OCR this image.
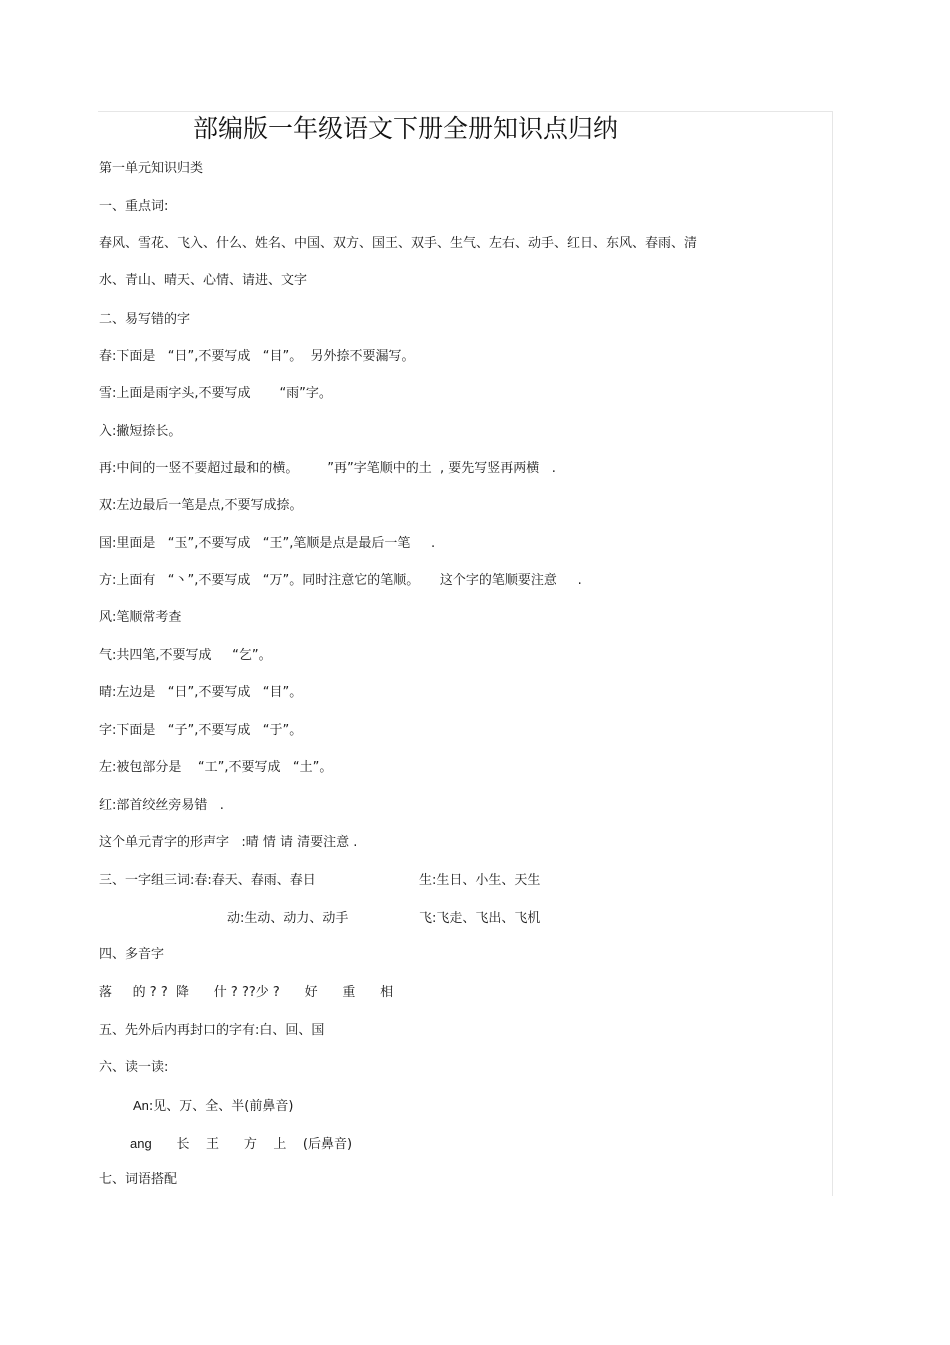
部编版一年级语文下册全册知识点归纳
第一单元知识归类
一、重点词:
春风、雪花、飞入、什么、姓名、中国、双方、国王、双手、生气、左右、动手、红日、东风、春雨、清
水、青山、晴天、心情、请进、文字
二、易写错的字
春:下面是   “日”,不要写成   “目”。  另外捺不要漏写。
雪:上面是雨字头,不要写成       “雨”字。
入:撇短捺长。
再:中间的一竖不要超过最和的横。       ”再”字笔顺中的土  , 要先写竖再两横   .
双:左边最后一笔是点,不要写成捺。
国:里面是   “玉”,不要写成   “王”,笔顺是点是最后一笔     .
方:上面有   “丶”,不要写成   “万”。同时注意它的笔顺。     这个字的笔顺要注意     .
风:笔顺常考查
气:共四笔,不要写成     “乞”。
晴:左边是   “日”,不要写成   “目”。
字:下面是   “子”,不要写成   “于”。
左:被包部分是    “工”,不要写成   “土”。
红:部首绞丝旁易错   .
这个单元青字的形声字   :晴 情 请 清要注意 .
三、一字组三词:春:春天、春雨、春日	生:生日、小生、天生
动:生动、动力、动手	飞:飞走、飞出、飞机
四、多音字
落     的 ? ?  降      什 ? ??少 ?      好      重      相
五、先外后内再封口的字有:白、回、国
六、读一读:
An:见、万、全、半(前鼻音)
ang      长    王      方    上    (后鼻音)
七、词语搭配
